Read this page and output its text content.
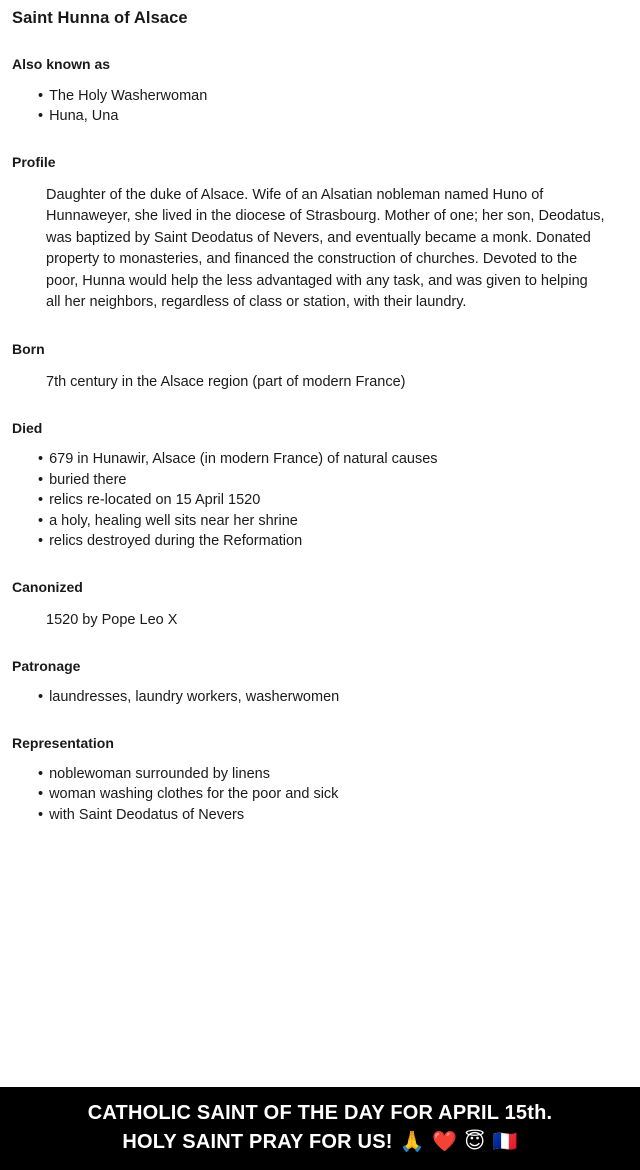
Saint Hunna of Alsace
Also known as
• The Holy Washerwoman
• Huna, Una
Profile

Daughter of the duke of Alsace. Wife of an Alsatian nobleman named Huno of Hunnaweyer, she lived in the diocese of Strasbourg. Mother of one; her son, Deodatus, was baptized by Saint Deodatus of Nevers, and eventually became a monk. Donated property to monasteries, and financed the construction of churches. Devoted to the poor, Hunna would help the less advantaged with any task, and was given to helping all her neighbors, regardless of class or station, with their laundry.

Born

7th century in the Alsace region (part of modern France)

Died
• 679 in Hunawir, Alsace (in modern France) of natural causes
• buried there
• relics re-located on 15 April 1520
• a holy, healing well sits near her shrine
• relics destroyed during the Reformation
Canonized

1520 by Pope Leo X

Patronage
• laundresses, laundry workers, washerwomen
Representation
• noblewoman surrounded by linens
• woman washing clothes for the poor and sick
• with Saint Deodatus of Nevers
CATHOLIC SAINT OF THE DAY FOR APRIL 15th.
HOLY SAINT PRAY FOR US! 🙏 ❤️ 😇 🇫🇷
